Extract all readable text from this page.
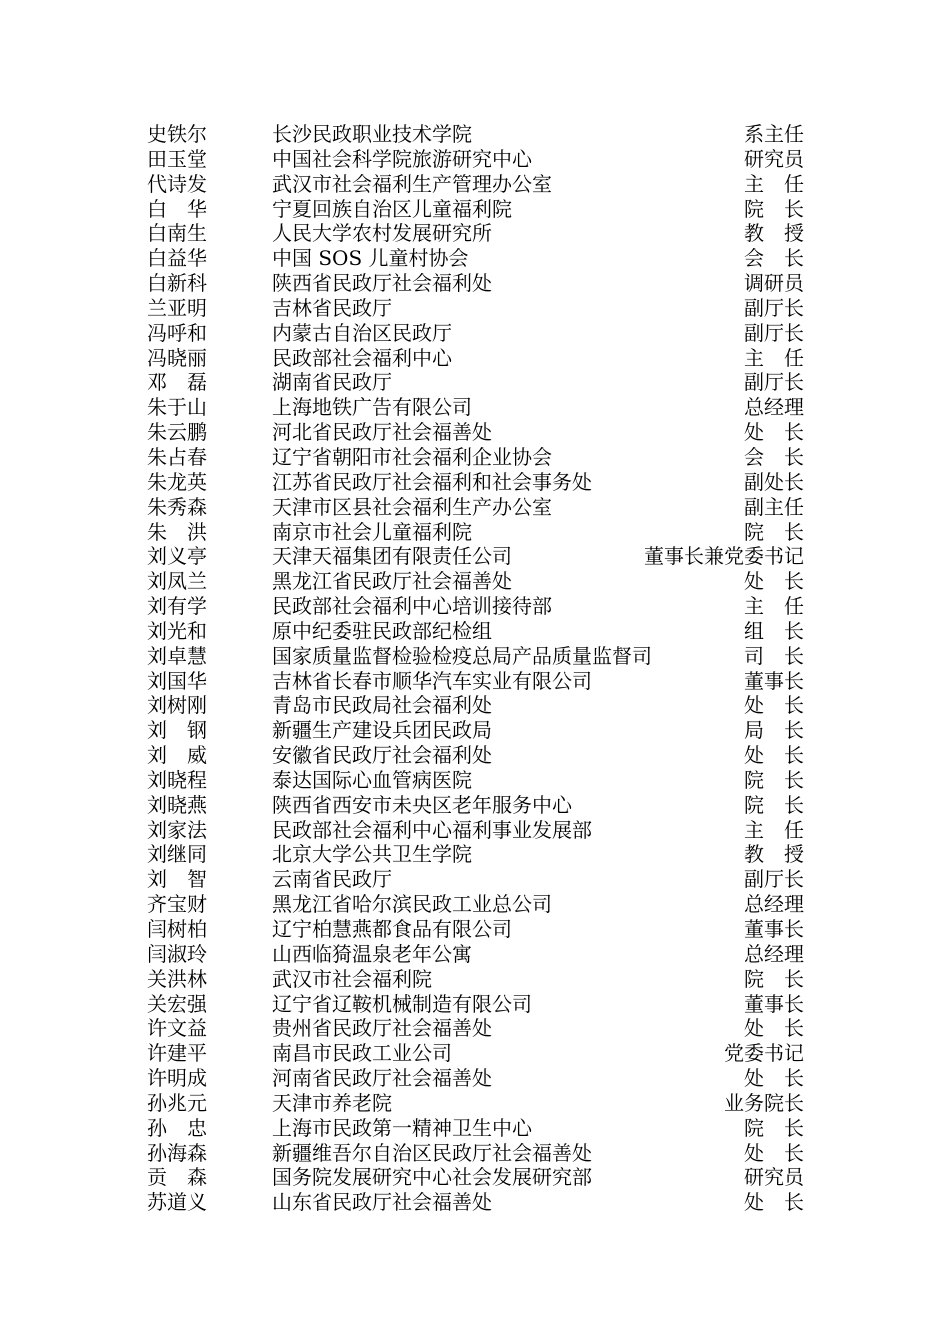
史铁尔	长沙民政职业技术学院	系主任
田玉堂	中国社会科学院旅游研究中心	研究员
代诗发	武汉市社会福利生产管理办公室	主　任
白　华	宁夏回族自治区儿童福利院	院　长
白南生	人民大学农村发展研究所	教　授
白益华	中国 SOS 儿童村协会	会　长
白新科	陕西省民政厅社会福利处	调研员
兰亚明	吉林省民政厅	副厅长
冯呼和	内蒙古自治区民政厅	副厅长
冯晓丽	民政部社会福利中心	主　任
邓　磊	湖南省民政厅	副厅长
朱于山	上海地铁广告有限公司	总经理
朱云鹏	河北省民政厅社会福善处	处　长
朱占春	辽宁省朝阳市社会福利企业协会	会　长
朱龙英	江苏省民政厅社会福利和社会事务处	副处长
朱秀森	天津市区县社会福利生产办公室	副主任
朱　洪	南京市社会儿童福利院	院　长
刘义亭	天津天福集团有限责任公司	董事长兼党委书记
刘凤兰	黑龙江省民政厅社会福善处	处　长
刘有学	民政部社会福利中心培训接待部	主　任
刘光和	原中纪委驻民政部纪检组	组　长
刘卓慧	国家质量监督检验检疫总局产品质量监督司	司　长
刘国华	吉林省长春市顺华汽车实业有限公司	董事长
刘树刚	青岛市民政局社会福利处	处　长
刘　钢	新疆生产建设兵团民政局	局　长
刘　威	安徽省民政厅社会福利处	处　长
刘晓程	泰达国际心血管病医院	院　长
刘晓燕	陕西省西安市未央区老年服务中心	院　长
刘家法	民政部社会福利中心福利事业发展部	主　任
刘继同	北京大学公共卫生学院	教　授
刘　智	云南省民政厅	副厅长
齐宝财	黑龙江省哈尔滨民政工业总公司	总经理
闫树柏	辽宁柏慧燕都食品有限公司	董事长
闫淑玲	山西临猗温泉老年公寓	总经理
关洪林	武汉市社会福利院	院　长
关宏强	辽宁省辽鞍机械制造有限公司	董事长
许文益	贵州省民政厅社会福善处	处　长
许建平	南昌市民政工业公司	党委书记
许明成	河南省民政厅社会福善处	处　长
孙兆元	天津市养老院	业务院长
孙　忠	上海市民政第一精神卫生中心	院　长
孙海森	新疆维吾尔自治区民政厅社会福善处	处　长
贡　森	国务院发展研究中心社会发展研究部	研究员
苏道义	山东省民政厅社会福善处	处　长
